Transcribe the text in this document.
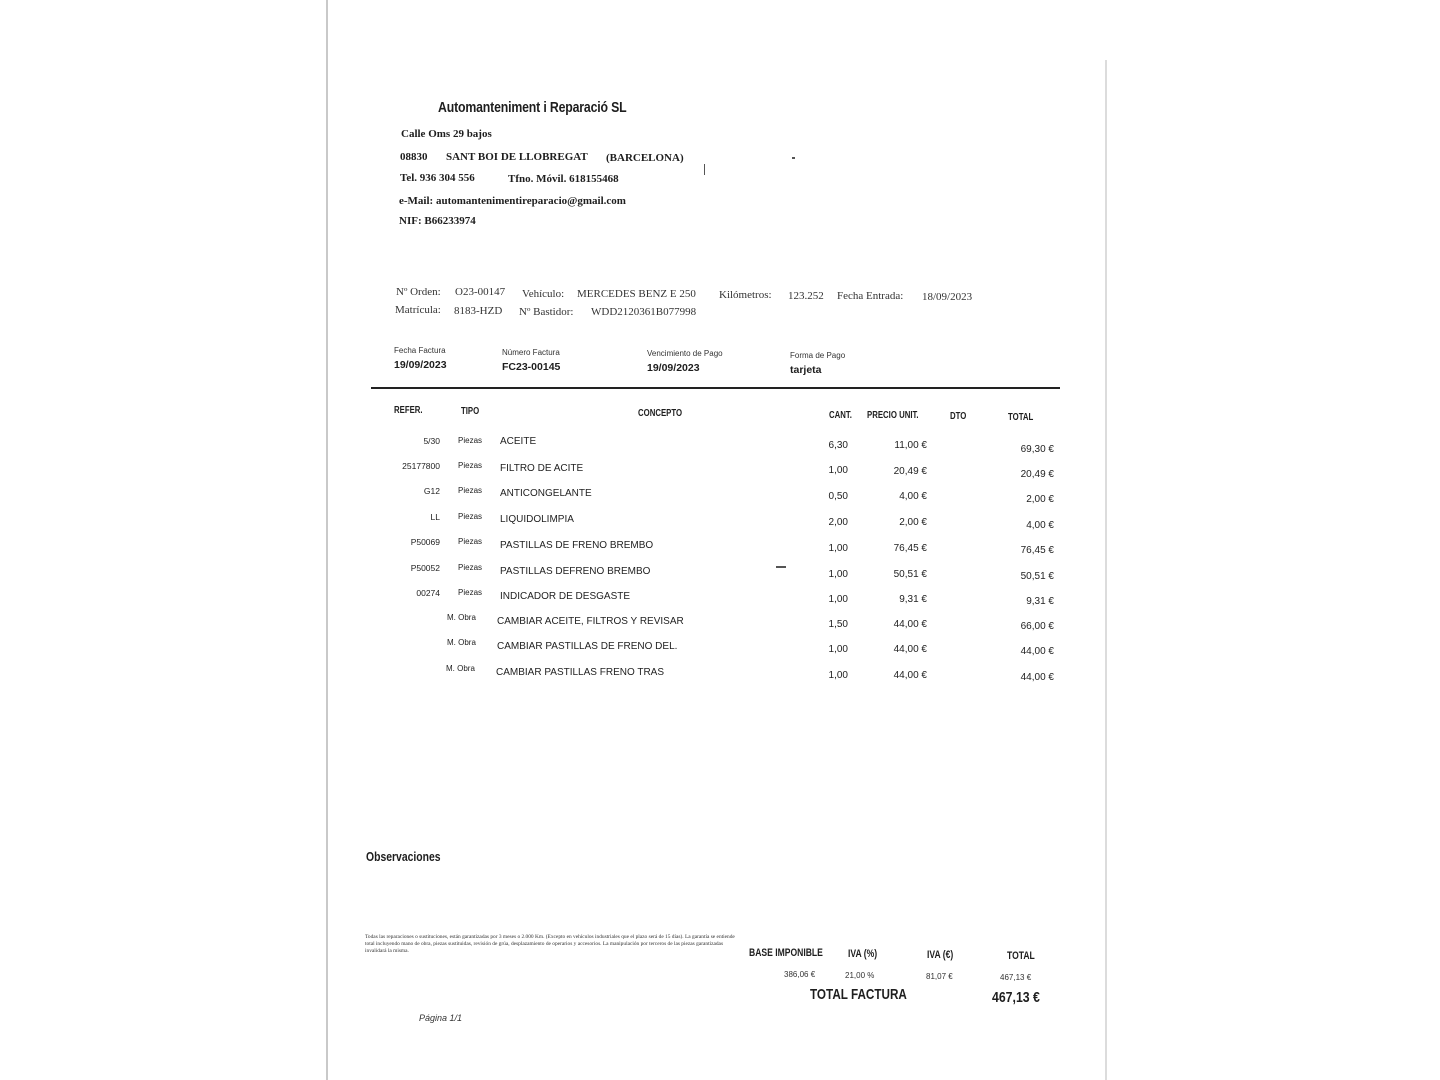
Automanteniment i Reparació SL
Calle Oms 29 bajos
08830 SANT BOI DE LLOBREGAT (BARCELONA)
Tel. 936 304 556	Tfno. Móvil. 618155468
e-Mail: automantenimentireparacio@gmail.com
NIF: B66233974
Nº Orden: O23-00147 Vehículo: MERCEDES BENZ E 250 Kilómetros: 123.252 Fecha Entrada: 18/09/2023
Matrícula: 8183-HZD Nº Bastidor: WDD2120361B077998
Fecha Factura
19/09/2023
Número Factura
FC23-00145
Vencimiento de Pago
19/09/2023
Forma de Pago
tarjeta
REFER.	TIPO	CONCEPTO	CANT. PRECIO UNIT.	DTO	TOTAL
5/30 Piezas ACEITE	6,30	11,00 €	69,30 €
25177800 Piezas FILTRO DE ACITE	1,00	20,49 €	20,49 €
G12 Piezas ANTICONGELANTE	0,50	4,00 €	2,00 €
LL Piezas LIQUIDOLIMPIA	2,00	2,00 €	4,00 €
P50069 Piezas PASTILLAS DE FRENO BREMBO	1,00	76,45 €	76,45 €
P50052 Piezas PASTILLAS DEFRENO BREMBO	1,00	50,51 €	50,51 €
00274 Piezas INDICADOR DE DESGASTE	1,00	9,31 €	9,31 €
M. Obra CAMBIAR ACEITE, FILTROS Y REVISAR	1,50	44,00 €	66,00 €
M. Obra CAMBIAR PASTILLAS DE FRENO DEL.	1,00	44,00 €	44,00 €
M. Obra CAMBIAR PASTILLAS FRENO TRAS	1,00	44,00 €	44,00 €
Observaciones
Todas las reparaciones o sustituciones, están garantizadas por 3 meses o 2.000 Km. (Excepto en vehículos industriales que el plazo será de 15 días). La garantía se entiende total incluyendo mano de obra, piezas sustituidas, revisión de grúa, desplazamiento de operarios y accesorios. La manipulación por terceros de las piezas garantizadas invalidará la misma.	BASE IMPONIBLE
386,06 €
IVA (%)
21,00 %
IVA (€)
81,07 €
TOTAL
467,13 €
TOTAL FACTURA	467,13 €
Página 1/1
